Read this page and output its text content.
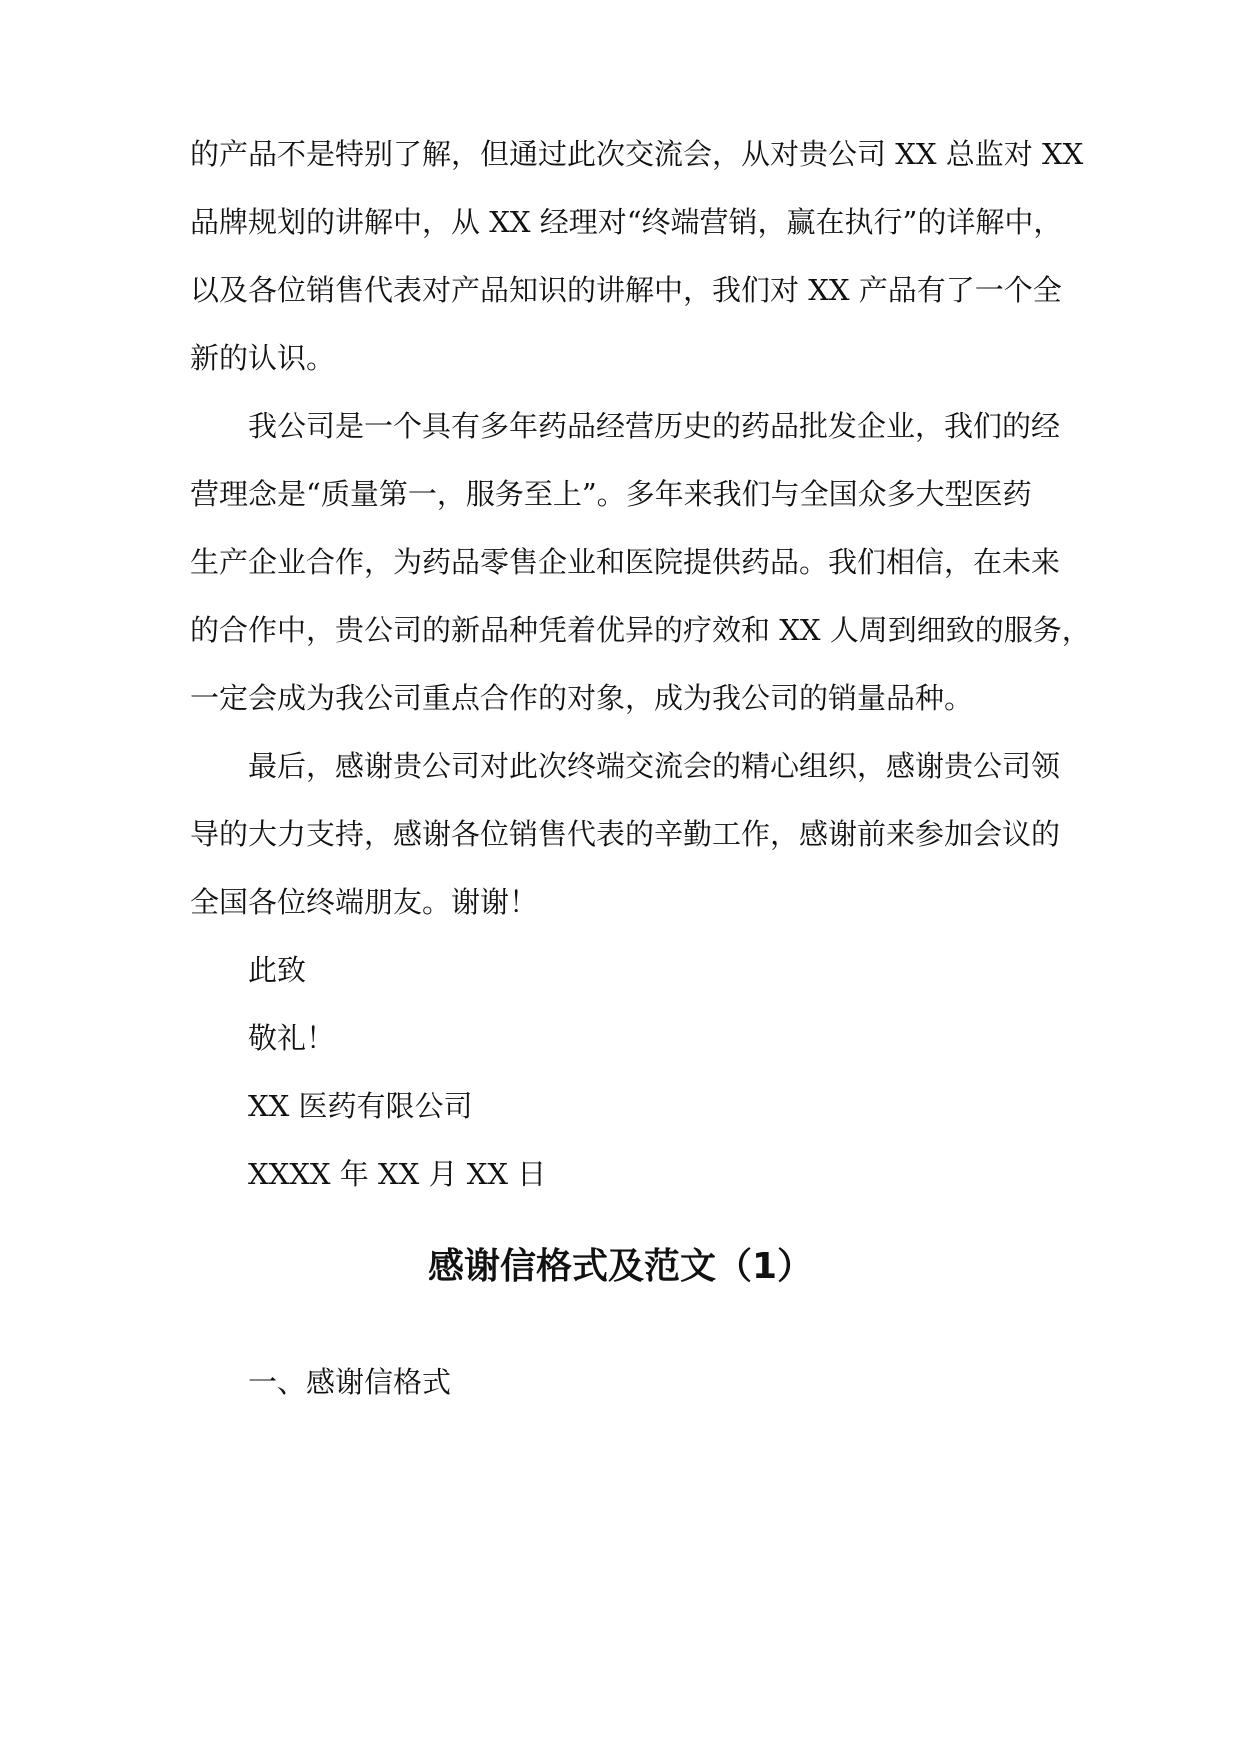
的产品不是特别了解，但通过此次交流会，从对贵公司 XX 总监对 XX
品牌规划的讲解中，从 XX 经理对“终端营销，赢在执行”的详解中，
以及各位销售代表对产品知识的讲解中，我们对 XX 产品有了一个全
新的认识。
我公司是一个具有多年药品经营历史的药品批发企业，我们的经
营理念是“质量第一，服务至上”。多年来我们与全国众多大型医药
生产企业合作，为药品零售企业和医院提供药品。我们相信，在未来
的合作中，贵公司的新品种凭着优异的疗效和 XX 人周到细致的服务，
一定会成为我公司重点合作的对象，成为我公司的销量品种。
最后，感谢贵公司对此次终端交流会的精心组织，感谢贵公司领
导的大力支持，感谢各位销售代表的辛勤工作，感谢前来参加会议的
全国各位终端朋友。谢谢！
此致
敬礼！
XX 医药有限公司
XXXX 年 XX 月 XX 日
感谢信格式及范文（1）
一、感谢信格式
